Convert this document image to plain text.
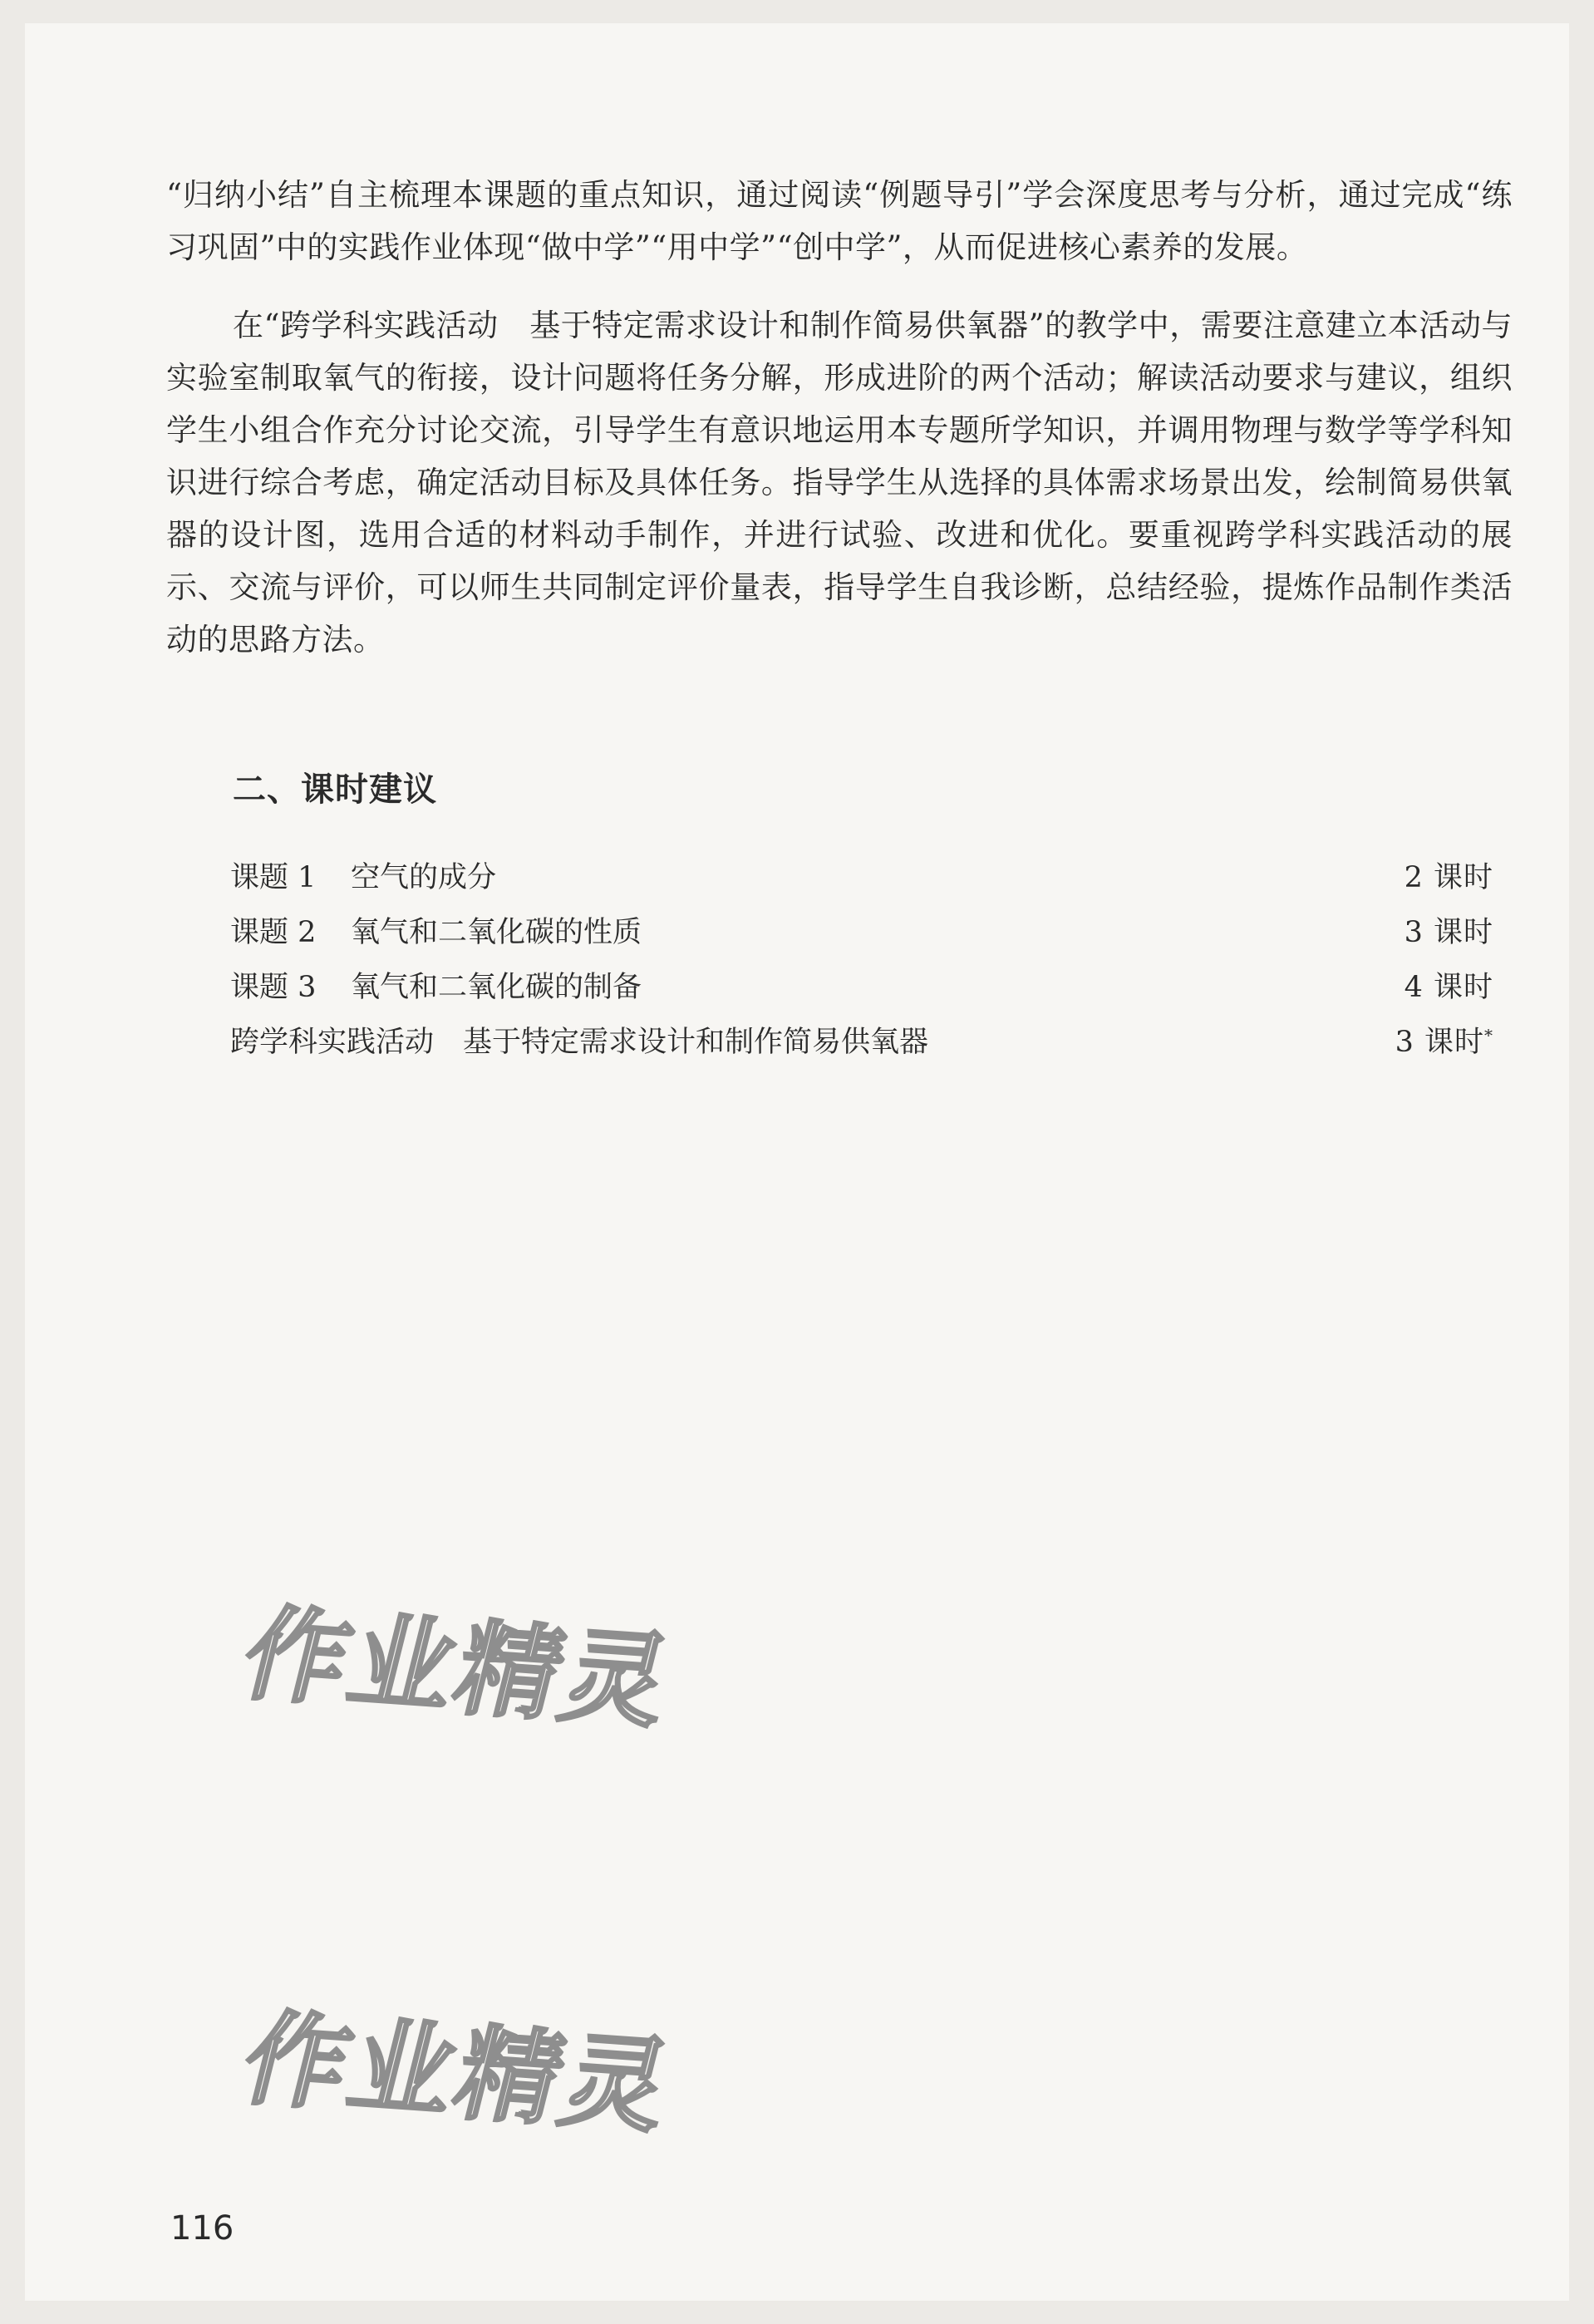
“归纳小结”自主梳理本课题的重点知识，通过阅读“例题导引”学会深度思考与分析，通过完成“练习巩固”中的实践作业体现“做中学”“用中学”“创中学”，从而促进核心素养的发展。

在“跨学科实践活动　基于特定需求设计和制作简易供氧器”的教学中，需要注意建立本活动与实验室制取氧气的衔接，设计问题将任务分解，形成进阶的两个活动；解读活动要求与建议，组织学生小组合作充分讨论交流，引导学生有意识地运用本专题所学知识，并调用物理与数学等学科知识进行综合考虑，确定活动目标及具体任务。指导学生从选择的具体需求场景出发，绘制简易供氧器的设计图，选用合适的材料动手制作，并进行试验、改进和优化。要重视跨学科实践活动的展示、交流与评价，可以师生共同制定评价量表，指导学生自我诊断，总结经验，提炼作品制作类活动的思路方法。

二、课时建议
课题 1 空气的成分	2 课时
课题 2 氧气和二氧化碳的性质	3 课时
课题 3 氧气和二氧化碳的制备	4 课时
跨学科实践活动　基于特定需求设计和制作简易供氧器	3 课时*
作业精灵
116
作业精灵
